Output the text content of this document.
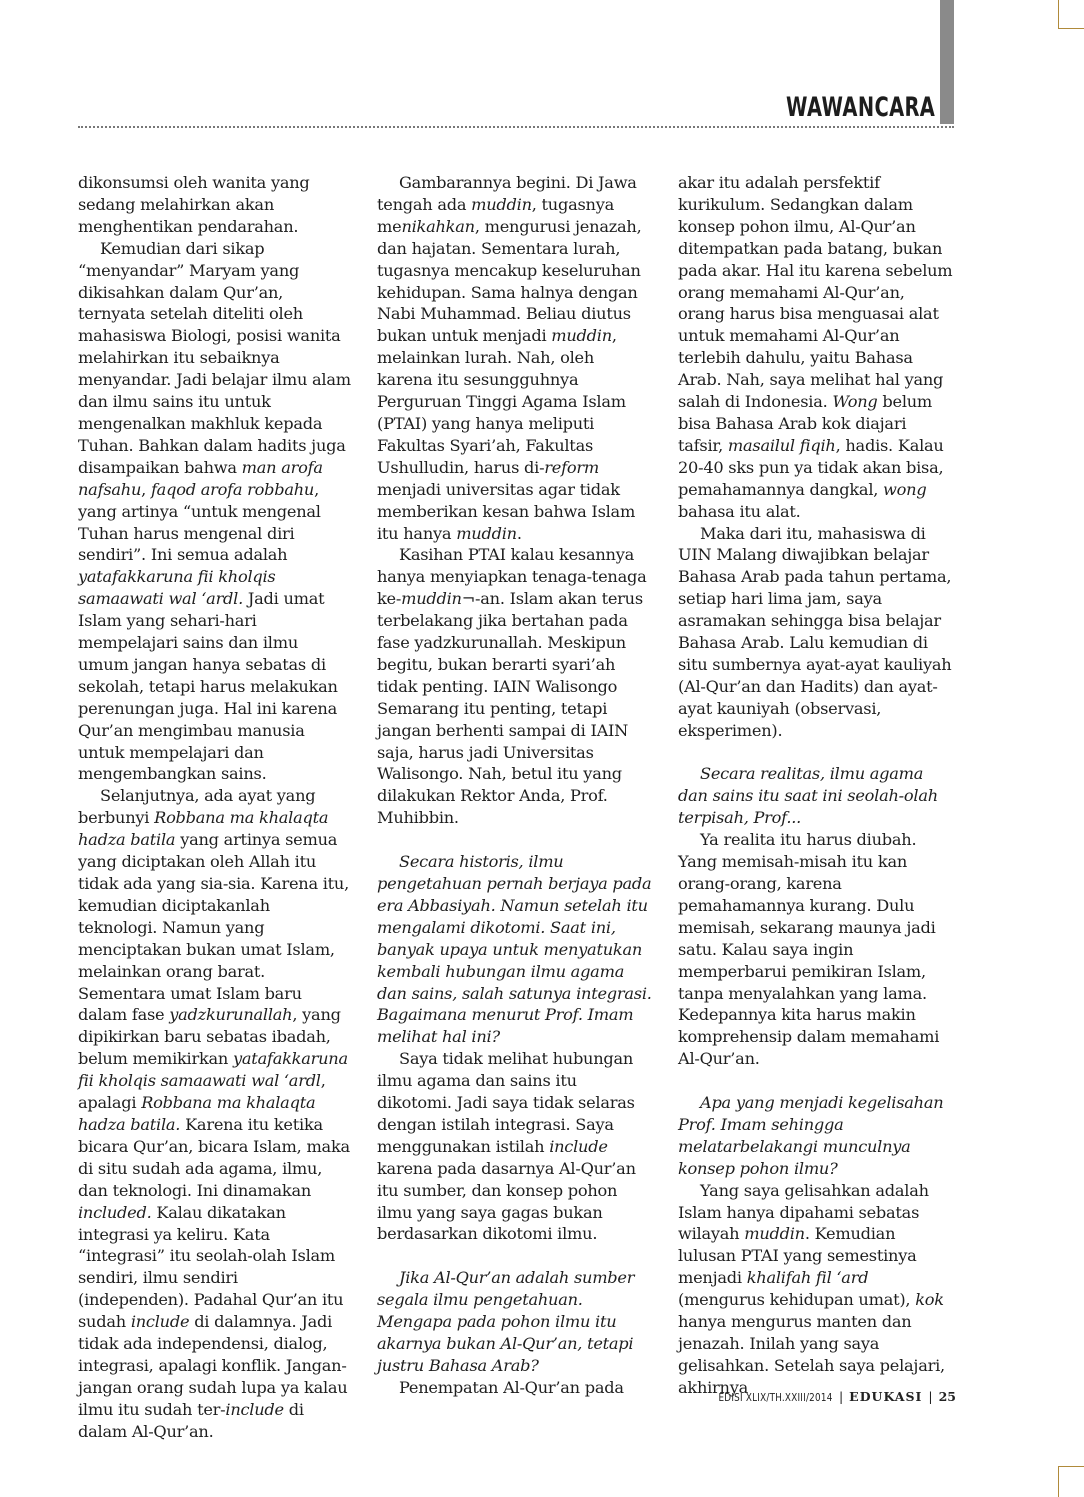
WAWANCARA

dikonsumsi oleh wanita yang sedang melahirkan akan menghentikan pendarahan.

Kemudian dari sikap “menyandar” Maryam yang dikisahkan dalam Qur’an, ternyata setelah diteliti oleh mahasiswa Biologi, posisi wanita melahirkan itu sebaiknya menyandar. Jadi belajar ilmu alam dan ilmu sains itu untuk mengenalkan makhluk kepada Tuhan. Bahkan dalam hadits juga disampaikan bahwa man arofa nafsahu, faqod arofa robbahu, yang artinya “untuk mengenal Tuhan harus mengenal diri sendiri”. Ini semua adalah yatafakkaruna fii kholqis samaawati wal ‘ardl. Jadi umat Islam yang sehari-hari mempelajari sains dan ilmu umum jangan hanya sebatas di sekolah, tetapi harus melakukan perenungan juga. Hal ini karena Qur’an mengimbau manusia untuk mempelajari dan mengembangkan sains.

Selanjutnya, ada ayat yang berbunyi Robbana ma khalaqta hadza batila yang artinya semua yang diciptakan oleh Allah itu tidak ada yang sia-sia. Karena itu, kemudian diciptakanlah teknologi. Namun yang menciptakan bukan umat Islam, melainkan orang barat. Sementara umat Islam baru dalam fase yadzkurunallah, yang dipikirkan baru sebatas ibadah, belum memikirkan yatafakkaruna fii kholqis samaawati wal ‘ardl, apalagi Robbana ma khalaqta hadza batila. Karena itu ketika bicara Qur’an, bicara Islam, maka di situ sudah ada agama, ilmu, dan teknologi. Ini dinamakan included. Kalau dikatakan integrasi ya keliru. Kata “integrasi” itu seolah-olah Islam sendiri, ilmu sendiri (independen). Padahal Qur’an itu sudah include di dalamnya. Jadi tidak ada independensi, dialog, integrasi, apalagi konflik. Jangan-jangan orang sudah lupa ya kalau ilmu itu sudah ter-include di dalam Al-Qur’an.

Gambarannya begini. Di Jawa tengah ada muddin, tugasnya menikahkan, mengurusi jenazah, dan hajatan. Sementara lurah, tugasnya mencakup keseluruhan kehidupan. Sama halnya dengan Nabi Muhammad. Beliau diutus bukan untuk menjadi muddin, melainkan lurah. Nah, oleh karena itu sesungguhnya Perguruan Tinggi Agama Islam (PTAI) yang hanya meliputi Fakultas Syari’ah, Fakultas Ushulludin, harus di-reform menjadi universitas agar tidak memberikan kesan bahwa Islam itu hanya muddin.

Kasihan PTAI kalau kesannya hanya menyiapkan tenaga-tenaga ke-muddin¬-an. Islam akan terus terbelakang jika bertahan pada fase yadzkurunallah. Meskipun begitu, bukan berarti syari’ah tidak penting. IAIN Walisongo Semarang itu penting, tetapi jangan berhenti sampai di IAIN saja, harus jadi Universitas Walisongo. Nah, betul itu yang dilakukan Rektor Anda, Prof. Muhibbin.

Secara historis, ilmu pengetahuan pernah berjaya pada era Abbasiyah. Namun setelah itu mengalami dikotomi. Saat ini, banyak upaya untuk menyatukan kembali hubungan ilmu agama dan sains, salah satunya integrasi. Bagaimana menurut Prof. Imam melihat hal ini?

Saya tidak melihat hubungan ilmu agama dan sains itu dikotomi. Jadi saya tidak selaras dengan istilah integrasi. Saya menggunakan istilah include karena pada dasarnya Al-Qur’an itu sumber, dan konsep pohon ilmu yang saya gagas bukan berdasarkan dikotomi ilmu.

Jika Al-Qur’an adalah sumber segala ilmu pengetahuan. Mengapa pada pohon ilmu itu akarnya bukan Al-Qur’an, tetapi justru Bahasa Arab?

Penempatan Al-Qur’an pada

akar itu adalah persfektif kurikulum. Sedangkan dalam konsep pohon ilmu, Al-Qur’an ditempatkan pada batang, bukan pada akar. Hal itu karena sebelum orang memahami Al-Qur’an, orang harus bisa menguasai alat untuk memahami Al-Qur’an terlebih dahulu, yaitu Bahasa Arab. Nah, saya melihat hal yang salah di Indonesia. Wong belum bisa Bahasa Arab kok diajari tafsir, masailul fiqih, hadis. Kalau 20-40 sks pun ya tidak akan bisa, pemahamannya dangkal, wong bahasa itu alat.

Maka dari itu, mahasiswa di UIN Malang diwajibkan belajar Bahasa Arab pada tahun pertama, setiap hari lima jam, saya asramakan sehingga bisa belajar Bahasa Arab. Lalu kemudian di situ sumbernya ayat-ayat kauliyah (Al-Qur’an dan Hadits) dan ayat-ayat kauniyah (observasi, eksperimen).

Secara realitas, ilmu agama dan sains itu saat ini seolah-olah terpisah, Prof...

Ya realita itu harus diubah. Yang memisah-misah itu kan orang-orang, karena pemahamannya kurang. Dulu memisah, sekarang maunya jadi satu. Kalau saya ingin memperbarui pemikiran Islam, tanpa menyalahkan yang lama. Kedepannya kita harus makin komprehensip dalam memahami Al-Qur’an.

Apa yang menjadi kegelisahan Prof. Imam sehingga melatarbelakangi munculnya konsep pohon ilmu?

Yang saya gelisahkan adalah Islam hanya dipahami sebatas wilayah muddin. Kemudian lulusan PTAI yang semestinya menjadi khalifah fil ‘ard (mengurus kehidupan umat), kok hanya mengurus manten dan jenazah. Inilah yang saya gelisahkan. Setelah saya pelajari, akhirnya

EDISI XLIX/TH.XXIII/2014 | EDUKASI | 25
